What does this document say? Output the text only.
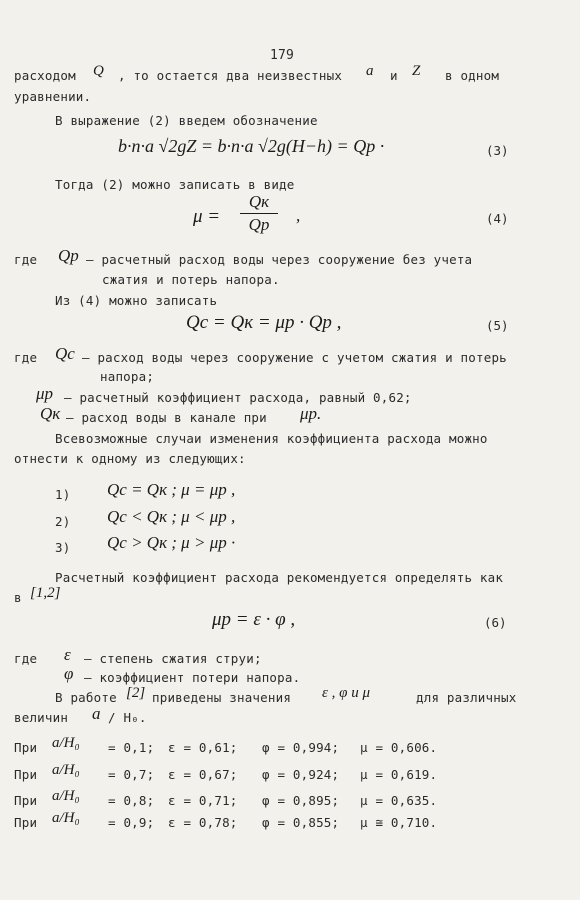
179
расходом Q , то остается два неизвестных a и Z в одном
уравнении.
В выражение (2) введем обозначение
b·n·a √2gZ = b·n·a √2g(H−h) = Qp ·	(3)
Тогда (2) можно записать в виде
μ =
Qк
Qр	,	(4)
где Qр – расчетный расход воды через сооружение без учета
сжатия и потерь напора.
Из (4) можно записать
Qc = Qк = μр · Qр ,	(5)
где Qc – расход воды через сооружение с учетом сжатия и потерь
напора;
μр – расчетный коэффициент расхода, равный 0,62;
Qк – расход воды в канале при μр.
Всевозможные случаи изменения коэффициента расхода можно
отнести к одному из следующих:
1) Qc = Qк ; μ = μр ,
2) Qc < Qк ; μ < μр ,
3) Qc > Qк ; μ > μр ·
Расчетный коэффициент расхода рекомендуется определять как
в [1,2]
μр = ε · φ ,	(6)
где ε – степень сжатия струи;
φ – коэффициент потери напора.
В работе [2] приведены значения ε , φ и μ	для различных
величин a / H₀.
При a/H₀ = 0,1; ε = 0,61; φ = 0,994; μ = 0,606.
При a/H₀ = 0,7; ε = 0,67; φ = 0,924; μ = 0,619.
При a/H₀ = 0,8; ε = 0,71; φ = 0,895; μ = 0,635.
При a/H₀ = 0,9; ε = 0,78; φ = 0,855; μ ≅ 0,710.
